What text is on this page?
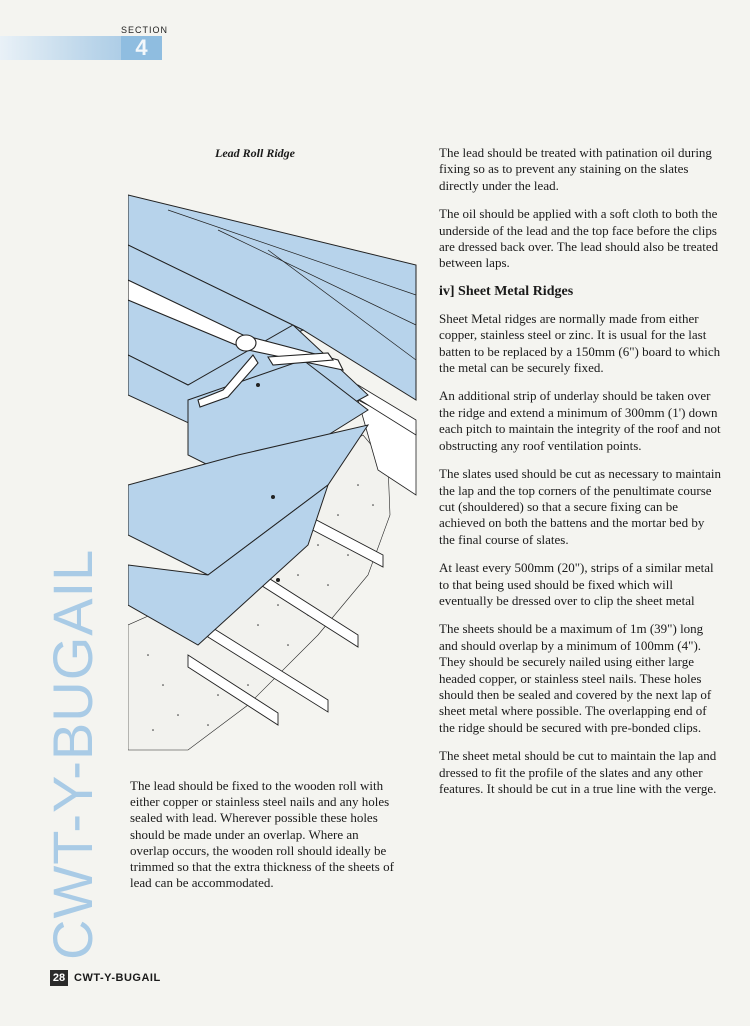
SECTION
4
CWT-Y-BUGAIL
Lead Roll Ridge
The lead should be fixed to the wooden roll with either copper or stainless steel nails and any holes sealed with lead. Wherever possible these holes should be made under an overlap. Where an overlap occurs, the wooden roll should ideally be trimmed so that the extra thickness of the sheets of lead can be accommodated.

The lead should be treated with patination oil during fixing so as to prevent any staining on the slates directly under the lead.

The oil should be applied with a soft cloth to both the underside of the lead and the top face before the clips are dressed back over. The lead should also be treated between laps.

iv] Sheet Metal Ridges

Sheet Metal ridges are normally made from either copper, stainless steel or zinc. It is usual for the last batten to be replaced by a 150mm (6") board to which the metal can be securely fixed.

An additional strip of underlay should be taken over the ridge and extend a minimum of 300mm (1') down each pitch to maintain the integrity of the roof and not obstructing any roof ventilation points.

The slates used should be cut as necessary to maintain the lap and the top corners of the penultimate course cut (shouldered) so that a secure fixing can be achieved on both the battens and the mortar bed by the final course of slates.

At least every 500mm (20"), strips of a similar metal to that being used should be fixed which will eventually be dressed over to clip the sheet metal

The sheets should be a maximum of 1m (39") long and should overlap by a minimum of 100mm (4"). They should be securely nailed using either large headed copper, or stainless steel nails. These holes should then be sealed and covered by the next lap of sheet metal where possible. The overlapping end of the ridge should be secured with pre-bonded clips.

The sheet metal should be cut to maintain the lap and dressed to fit the profile of the slates and any other features. It should be cut in a true line with the verge.

28 CWT-Y-BUGAIL
